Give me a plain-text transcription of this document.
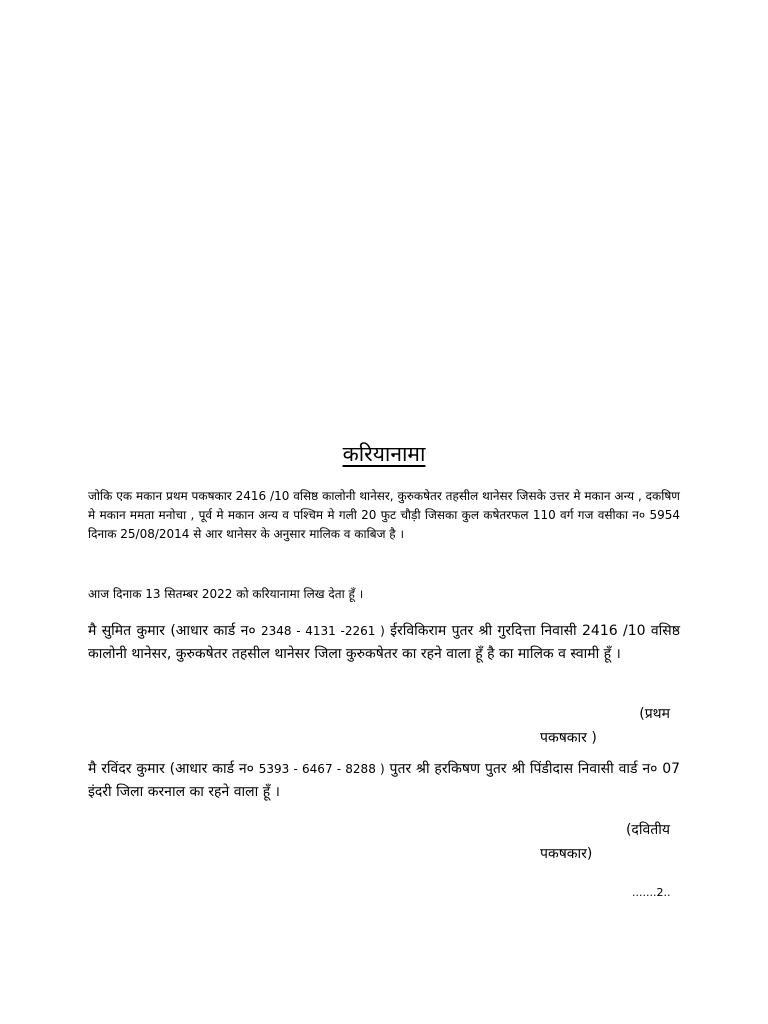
करियानामा

जोकि एक मकान प्रथम पकषकार 2416 /10 वसिष्ठ कालोनी थानेसर, कुरुकषेतर तहसील थानेसर जिसके उत्तर मे मकान अन्य , दकषिण मे मकान ममता मनोचा , पूर्व मे मकान अन्य व पश्चिम मे गली 20 फुट चौड़ी जिसका कुल कषेतरफल 110 वर्ग गज वसीका न० 5954 दिनाक 25/08/2014 से आर थानेसर के अनुसार मालिक व काबिज है ।

आज दिनाक 13 सितम्बर 2022 को करियानामा लिख देता हूँ ।

मै सुमित कुमार (आधार कार्ड न० 2348 - 4131 -2261 ) ईरविकिराम पुतर श्री गुरदित्ता निवासी 2416 /10 वसिष्ठ कालोनी थानेसर, कुरुकषेतर तहसील थानेसर जिला कुरुकषेतर का रहने वाला हूँ है का मालिक व स्वामी हूँ ।

(प्रथम
पकषकार )

मै रविंदर कुमार (आधार कार्ड न० 5393 - 6467 - 8288 ) पुतर श्री हरकिषण पुतर श्री पिंडीदास निवासी वार्ड न० 07 इंदरी जिला करनाल का रहने वाला हूँ ।

(दवितीय
पकषकार)
.......2..
